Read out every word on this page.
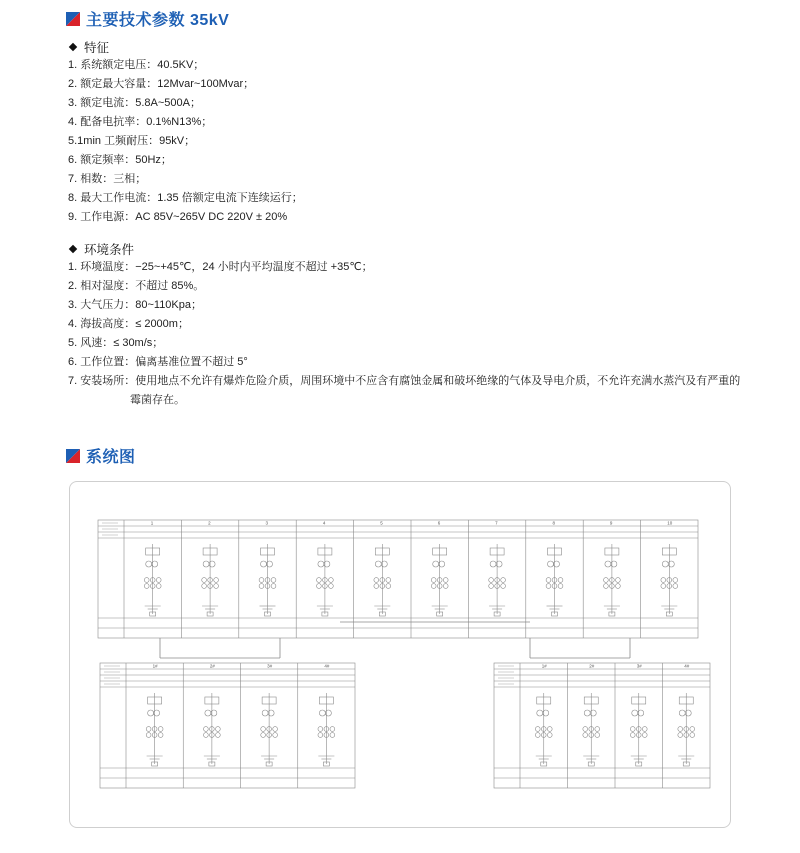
主要技术参数 35kV
特征
1. 系统额定电压：40.5KV；
2. 额定最大容量：12Mvar~100Mvar；
3. 额定电流：5.8A~500A；
4. 配备电抗率：0.1%N13%；
5.1min 工频耐压：95kV；
6. 额定频率：50Hz；
7. 相数：三相；
8. 最大工作电流：1.35 倍额定电流下连续运行；
9. 工作电源：AC 85V~265V DC 220V ± 20%
环境条件
1. 环境温度：−25~+45℃，24 小时内平均温度不超过 +35℃；
2. 相对湿度：不超过 85%。
3. 大气压力：80~110Kpa；
4. 海拔高度：≤ 2000m；
5. 风速：≤ 30m/s；
6. 工作位置：偏离基准位置不超过 5°
7. 安装场所：使用地点不允许有爆炸危险介质，周围环境中不应含有腐蚀金属和破坏绝缘的气体及导电介质，不允许充满水蒸汽及有严重的
霉菌存在。
系统图
1	2	3	4	5	6	7	8	9	10
1#	2#	3#	4#	1#	2#	3#	4#
